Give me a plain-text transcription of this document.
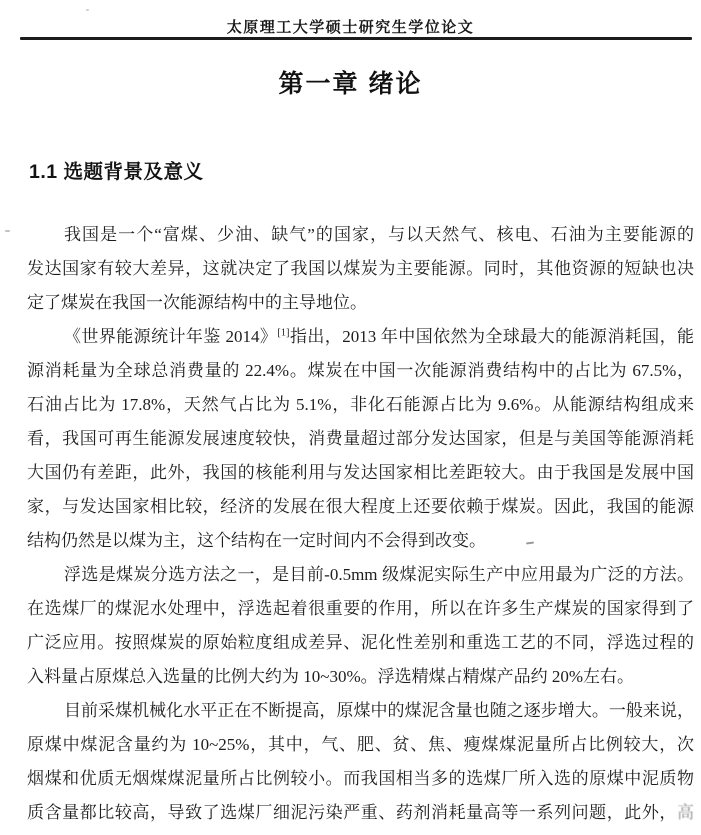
太原理工大学硕士研究生学位论文
第一章 绪论
1.1 选题背景及意义
我国是一个“富煤、少油、缺气”的国家，与以天然气、核电、石油为主要能源的
发达国家有较大差异，这就决定了我国以煤炭为主要能源。同时，其他资源的短缺也决
定了煤炭在我国一次能源结构中的主导地位。
《世界能源统计年鉴 2014》[1]指出，2013 年中国依然为全球最大的能源消耗国，能
源消耗量为全球总消费量的 22.4%。煤炭在中国一次能源消费结构中的占比为 67.5%，
石油占比为 17.8%，天然气占比为 5.1%，非化石能源占比为 9.6%。从能源结构组成来
看，我国可再生能源发展速度较快，消费量超过部分发达国家，但是与美国等能源消耗
大国仍有差距，此外，我国的核能利用与发达国家相比差距较大。由于我国是发展中国
家，与发达国家相比较，经济的发展在很大程度上还要依赖于煤炭。因此，我国的能源
结构仍然是以煤为主，这个结构在一定时间内不会得到改变。
浮选是煤炭分选方法之一，是目前-0.5mm 级煤泥实际生产中应用最为广泛的方法。
在选煤厂的煤泥水处理中，浮选起着很重要的作用，所以在许多生产煤炭的国家得到了
广泛应用。按照煤炭的原始粒度组成差异、泥化性差别和重选工艺的不同，浮选过程的
入料量占原煤总入选量的比例大约为 10~30%。浮选精煤占精煤产品约 20%左右。
目前采煤机械化水平正在不断提高，原煤中的煤泥含量也随之逐步增大。一般来说，
原煤中煤泥含量约为 10~25%，其中，气、肥、贫、焦、瘦煤煤泥量所占比例较大，次
烟煤和优质无烟煤煤泥量所占比例较小。而我国相当多的选煤厂所入选的原煤中泥质物
质含量都比较高，导致了选煤厂细泥污染严重、药剂消耗量高等一系列问题，此外，高
